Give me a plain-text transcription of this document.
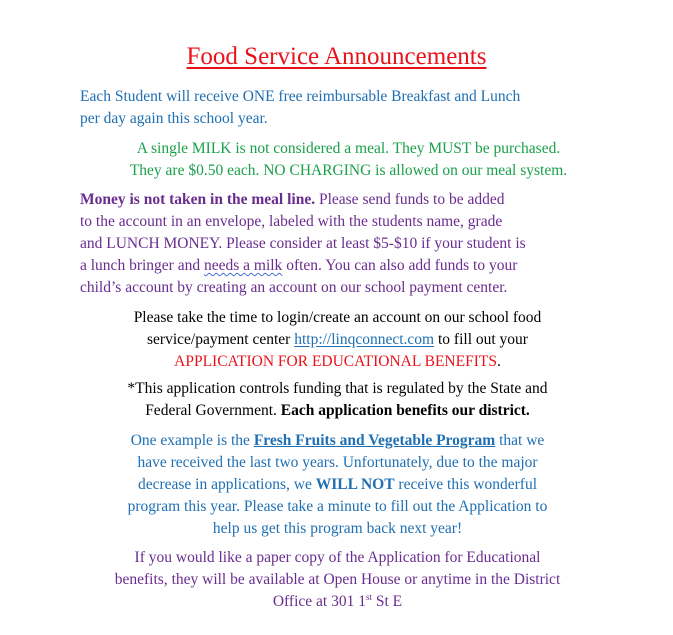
Food Service Announcements

Each Student will receive ONE free reimbursable Breakfast and Lunch
per day again this school year.

A single MILK is not considered a meal. They MUST be purchased.
They are $0.50 each. NO CHARGING is allowed on our meal system.

Money is not taken in the meal line. Please send funds to be added
to the account in an envelope, labeled with the students name, grade
and LUNCH MONEY. Please consider at least $5-$10 if your student is
a lunch bringer and needs a milk often. You can also add funds to your
child’s account by creating an account on our school payment center.

Please take the time to login/create an account on our school food
service/payment center http://linqconnect.com to fill out your
APPLICATION FOR EDUCATIONAL BENEFITS.

*This application controls funding that is regulated by the State and
Federal Government. Each application benefits our district.

One example is the Fresh Fruits and Vegetable Program that we
have received the last two years. Unfortunately, due to the major
decrease in applications, we WILL NOT receive this wonderful
program this year. Please take a minute to fill out the Application to
help us get this program back next year!

If you would like a paper copy of the Application for Educational
benefits, they will be available at Open House or anytime in the District
Office at 301 1st St E
